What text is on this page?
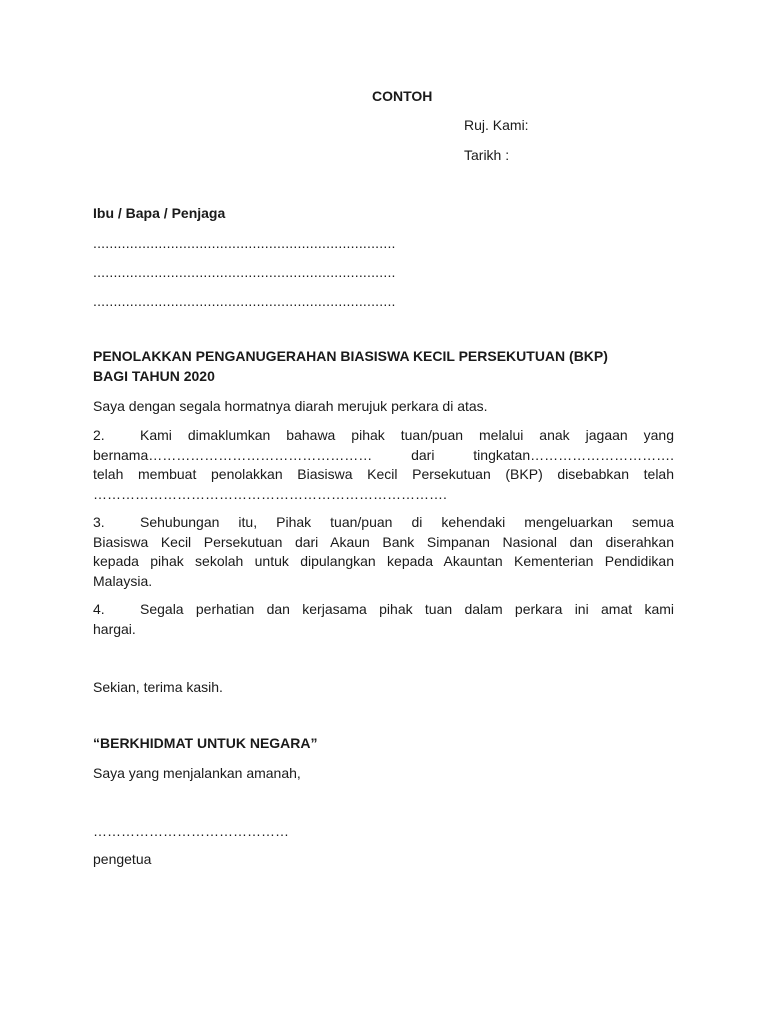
CONTOH
Ruj. Kami:
Tarikh :
Ibu / Bapa / Penjaga
..........................................................................
..........................................................................
..........................................................................
PENOLAKKAN PENGANUGERAHAN BIASISWA KECIL PERSEKUTUAN (BKP)
BAGI TAHUN 2020
Saya dengan segala hormatnya diarah merujuk perkara di atas.
2.	Kami dimaklumkan bahawa pihak tuan/puan melalui anak jagaan yang
bernama………………………………………… dari tingkatan………………………….
telah membuat penolakkan Biasiswa Kecil Persekutuan (BKP) disebabkan telah
………………………………………………………………….
3.	Sehubungan itu, Pihak tuan/puan di kehendaki mengeluarkan semua
Biasiswa Kecil Persekutuan dari Akaun Bank Simpanan Nasional dan diserahkan
kepada pihak sekolah untuk dipulangkan kepada Akauntan Kementerian Pendidikan
Malaysia.
4.	Segala perhatian dan kerjasama pihak tuan dalam perkara ini amat kami
hargai.
Sekian, terima kasih.
“BERKHIDMAT UNTUK NEGARA”
Saya yang menjalankan amanah,
……………………………………
pengetua
